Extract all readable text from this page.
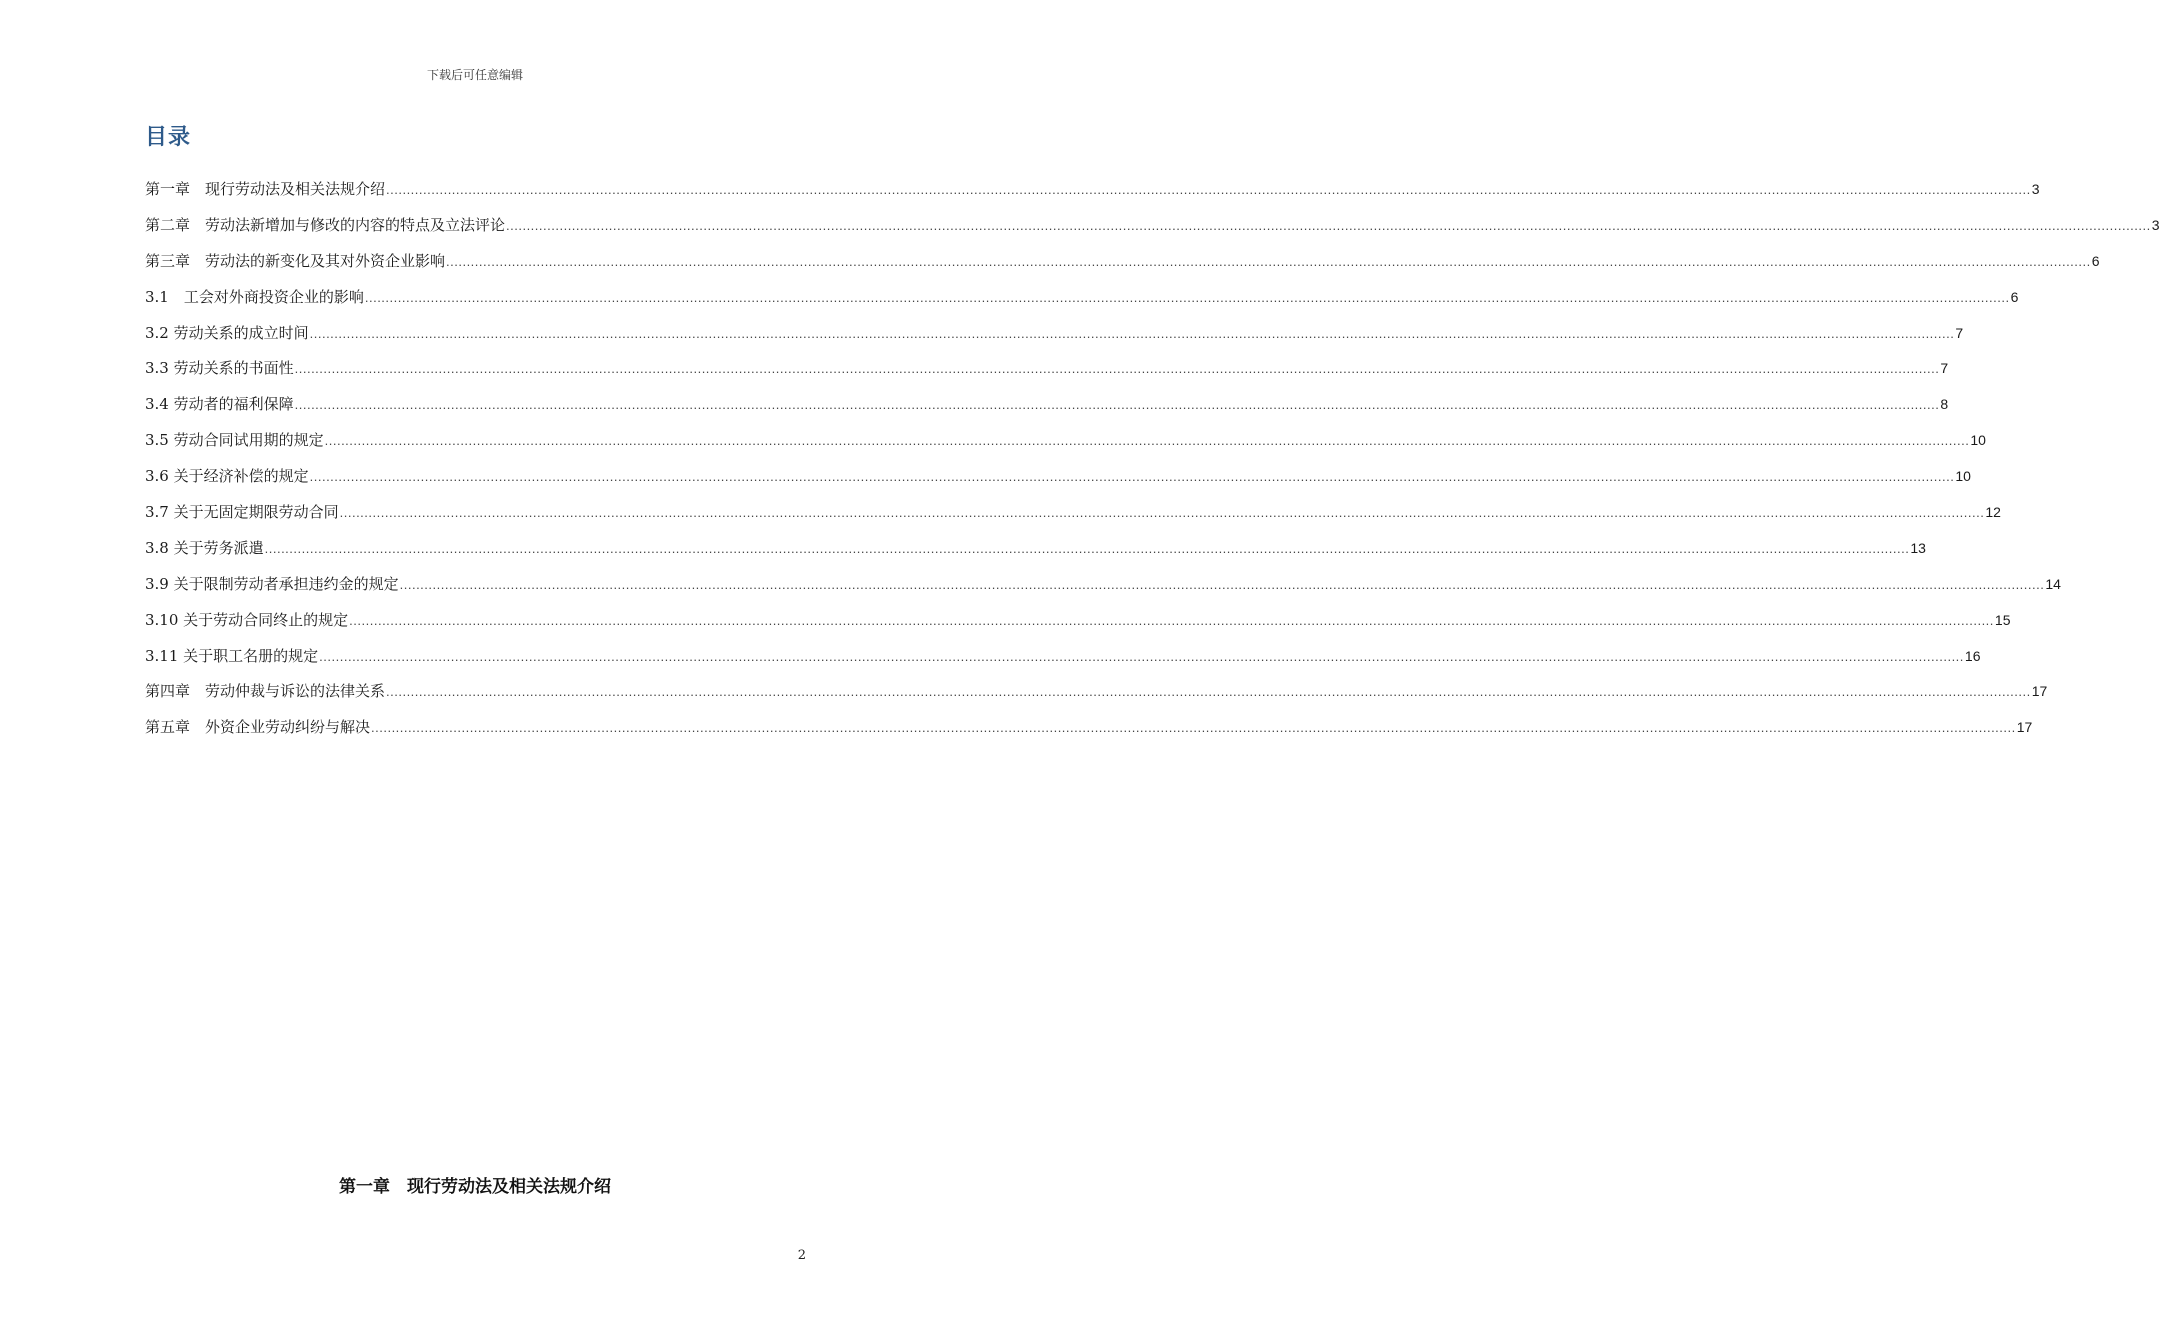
下载后可任意编辑
目录
第一章　现行劳动法及相关法规介绍 ................................................................................................................................................................................................................................................................................................................................................................................................................ 3
第二章　劳动法新增加与修改的内容的特点及立法评论 ................................................................................................................................................................................................................................................................................................................................................................................................................ 3
第三章　劳动法的新变化及其对外资企业影响 ................................................................................................................................................................................................................................................................................................................................................................................................................ 6
3.1　工会对外商投资企业的影响 ................................................................................................................................................................................................................................................................................................................................................................................................................ 6
3.2 劳动关系的成立时间 ................................................................................................................................................................................................................................................................................................................................................................................................................ 7
3.3 劳动关系的书面性 ................................................................................................................................................................................................................................................................................................................................................................................................................ 7
3.4 劳动者的福利保障 ................................................................................................................................................................................................................................................................................................................................................................................................................ 8
3.5 劳动合同试用期的规定 ................................................................................................................................................................................................................................................................................................................................................................................................................ 10
3.6 关于经济补偿的规定 ................................................................................................................................................................................................................................................................................................................................................................................................................ 10
3.7 关于无固定期限劳动合同 ................................................................................................................................................................................................................................................................................................................................................................................................................ 12
3.8 关于劳务派遣 ................................................................................................................................................................................................................................................................................................................................................................................................................ 13
3.9 关于限制劳动者承担违约金的规定 ................................................................................................................................................................................................................................................................................................................................................................................................................ 14
3.10 关于劳动合同终止的规定 ................................................................................................................................................................................................................................................................................................................................................................................................................ 15
3.11 关于职工名册的规定 ................................................................................................................................................................................................................................................................................................................................................................................................................ 16
第四章　劳动仲裁与诉讼的法律关系 ................................................................................................................................................................................................................................................................................................................................................................................................................ 17
第五章　外资企业劳动纠纷与解决 ................................................................................................................................................................................................................................................................................................................................................................................................................ 17
第一章　现行劳动法及相关法规介绍
2
